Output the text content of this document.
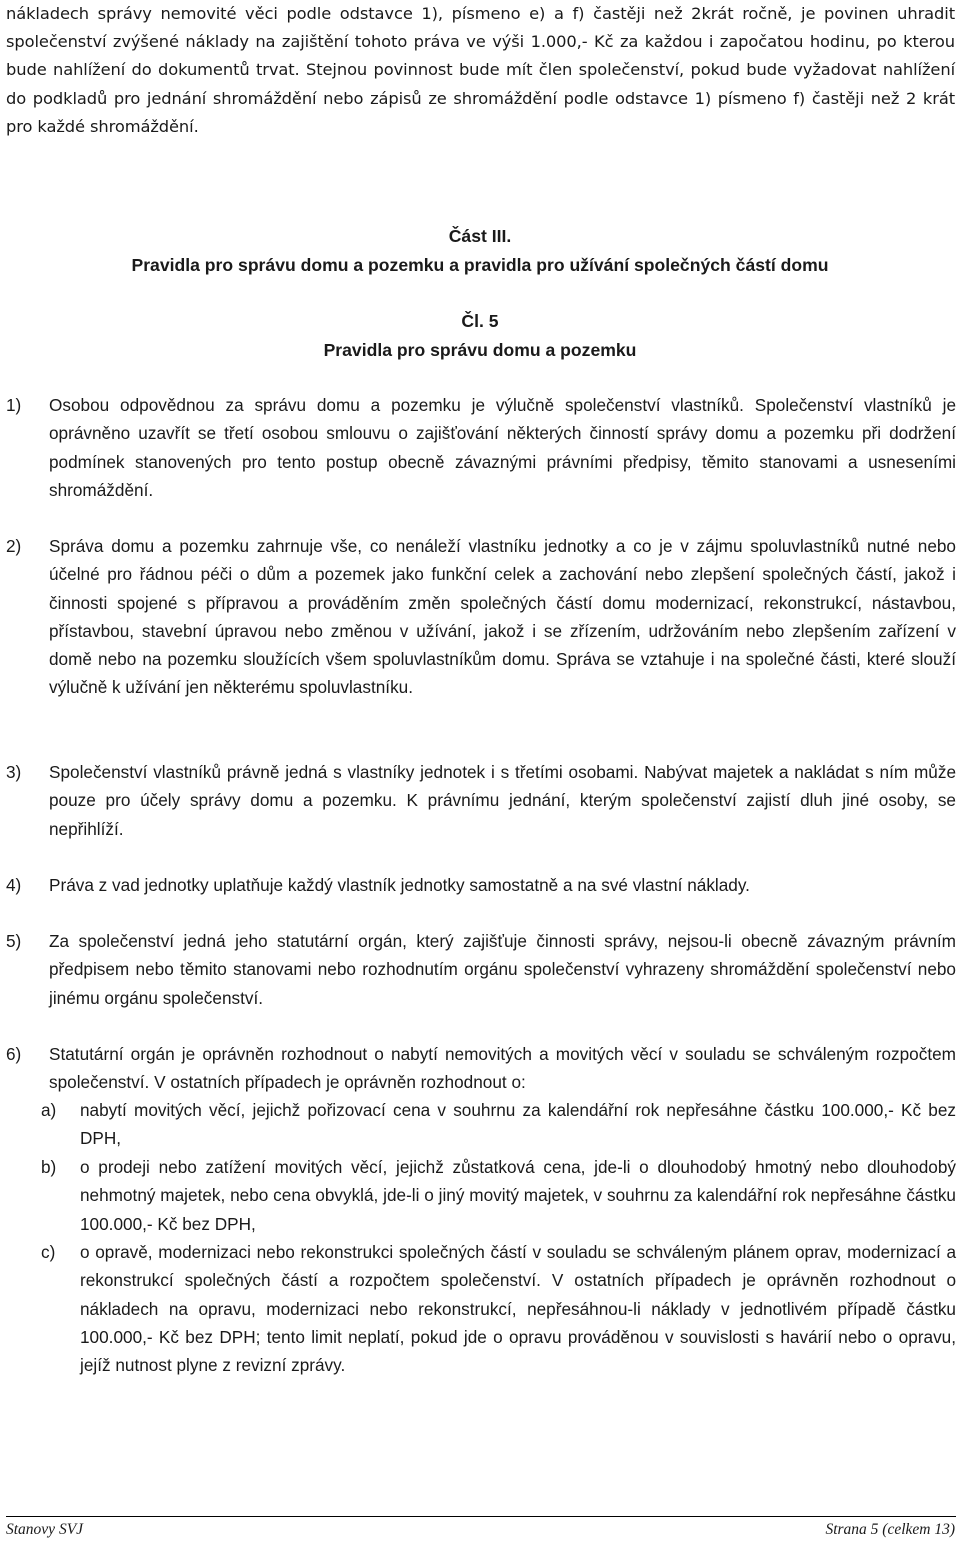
nákladech správy nemovité věci podle odstavce 1), písmeno e) a f) častěji než 2krát ročně, je povinen uhradit společenství zvýšené náklady na zajištění tohoto práva ve výši 1.000,- Kč za každou i započatou hodinu, po kterou bude nahlížení do dokumentů trvat. Stejnou povinnost bude mít člen společenství, pokud bude vyžadovat nahlížení do podkladů pro jednání shromáždění nebo zápisů ze shromáždění podle odstavce 1) písmeno f) častěji než 2 krát pro každé shromáždění.
Část III.
Pravidla pro správu domu a pozemku a pravidla pro užívání společných částí domu
Čl. 5
Pravidla pro správu domu a pozemku
1) Osobou odpovědnou za správu domu a pozemku je výlučně společenství vlastníků. Společenství vlastníků je oprávněno uzavřít se třetí osobou smlouvu o zajišťování některých činností správy domu a pozemku při dodržení podmínek stanovených pro tento postup obecně závaznými právními předpisy, těmito stanovami a usneseními shromáždění.
2) Správa domu a pozemku zahrnuje vše, co nenáleží vlastníku jednotky a co je v zájmu spoluvlastníků nutné nebo účelné pro řádnou péči o dům a pozemek jako funkční celek a zachování nebo zlepšení společných částí, jakož i činnosti spojené s přípravou a prováděním změn společných částí domu modernizací, rekonstrukcí, nástavbou, přístavbou, stavební úpravou nebo změnou v užívání, jakož i se zřízením, udržováním nebo zlepšením zařízení v domě nebo na pozemku sloužících všem spoluvlastníkům domu. Správa se vztahuje i na společné části, které slouží výlučně k užívání jen některému spoluvlastníku.
3) Společenství vlastníků právně jedná s vlastníky jednotek i s třetími osobami. Nabývat majetek a nakládat s ním může pouze pro účely správy domu a pozemku. K právnímu jednání, kterým společenství zajistí dluh jiné osoby, se nepřihlíží.
4) Práva z vad jednotky uplatňuje každý vlastník jednotky samostatně a na své vlastní náklady.
5) Za společenství jedná jeho statutární orgán, který zajišťuje činnosti správy, nejsou-li obecně závazným právním předpisem nebo těmito stanovami nebo rozhodnutím orgánu společenství vyhrazeny shromáždění společenství nebo jinému orgánu společenství.
6) Statutární orgán je oprávněn rozhodnout o nabytí nemovitých a movitých věcí v souladu se schváleným rozpočtem společenství. V ostatních případech je oprávněn rozhodnout o:
a) nabytí movitých věcí, jejichž pořizovací cena v souhrnu za kalendářní rok nepřesáhne částku 100.000,- Kč bez DPH,
b) o prodeji nebo zatížení movitých věcí, jejichž zůstatková cena, jde-li o dlouhodobý hmotný nebo dlouhodobý nehmotný majetek, nebo cena obvyklá, jde-li o jiný movitý majetek, v souhrnu za kalendářní rok nepřesáhne částku 100.000,- Kč bez DPH,
c) o opravě, modernizaci nebo rekonstrukci společných částí v souladu se schváleným plánem oprav, modernizací a rekonstrukcí společných částí a rozpočtem společenství. V ostatních případech je oprávněn rozhodnout o nákladech na opravu, modernizaci nebo rekonstrukcí, nepřesáhnou-li náklady v jednotlivém případě částku 100.000,- Kč bez DPH; tento limit neplatí, pokud jde o opravu prováděnou v souvislosti s havárií nebo o opravu, jejíž nutnost plyne z revizní zprávy.
Stanovy SVJ	Strana 5 (celkem 13)
